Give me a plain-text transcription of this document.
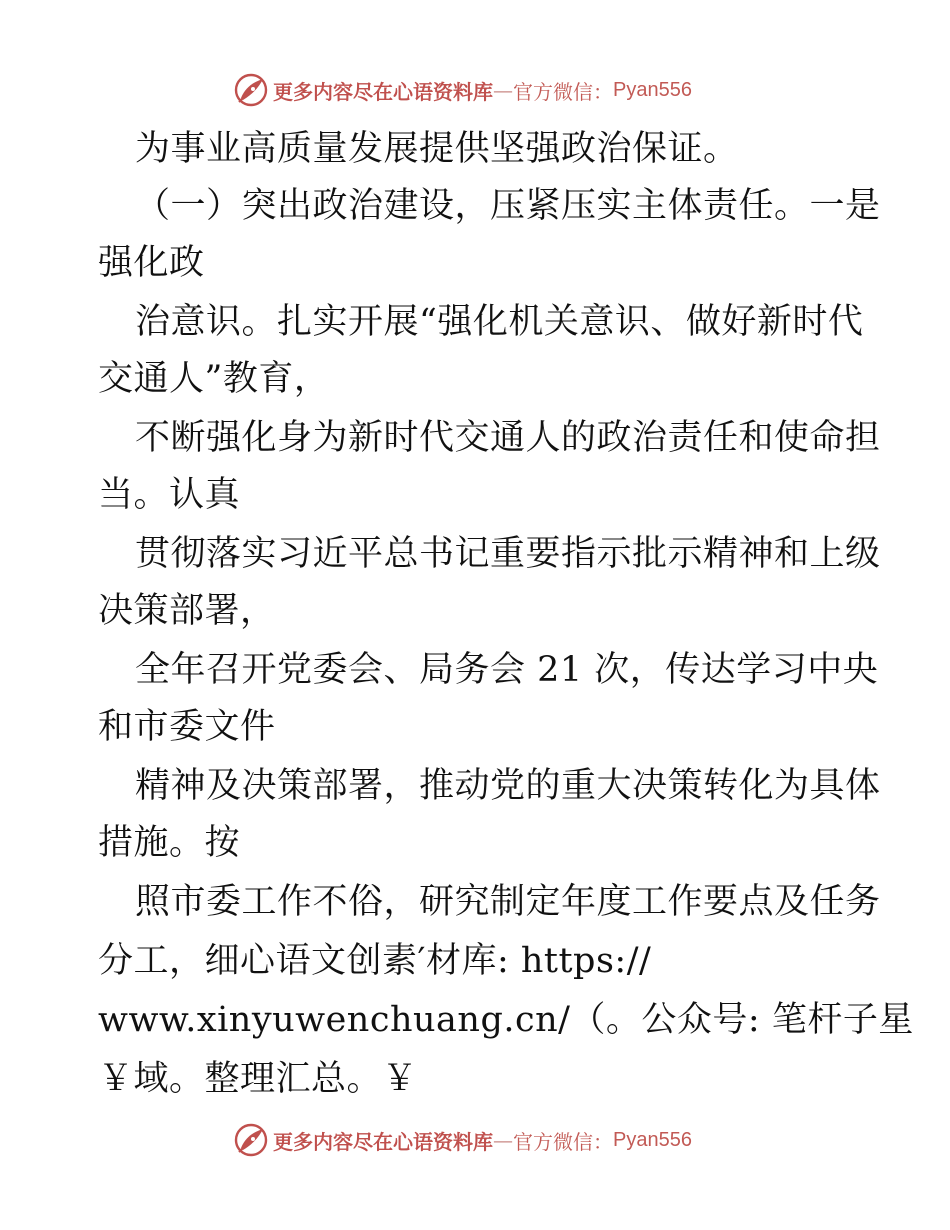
更多内容尽在心语资料库 — 官方微信： Pyan556
为事业高质量发展提供坚强政治保证。
（一）突出政治建设，压紧压实主体责任。一是
强化政
治意识。扎实开展“强化机关意识、做好新时代
交通人”教育，
不断强化身为新时代交通人的政治责任和使命担
当。认真
贯彻落实习近平总书记重要指示批示精神和上级
决策部署，
全年召开党委会、局务会 21 次，传达学习中央
和市委文件
精神及决策部署，推动党的重大决策转化为具体
措施。按
照市委工作不俗，研究制定年度工作要点及任务
分工，细心语文创素′材库: https://
www.xinyuwenchuang.cn/（。公众号: 笔杆子星
￥域。整理汇总。￥
更多内容尽在心语资料库 — 官方微信： Pyan556
